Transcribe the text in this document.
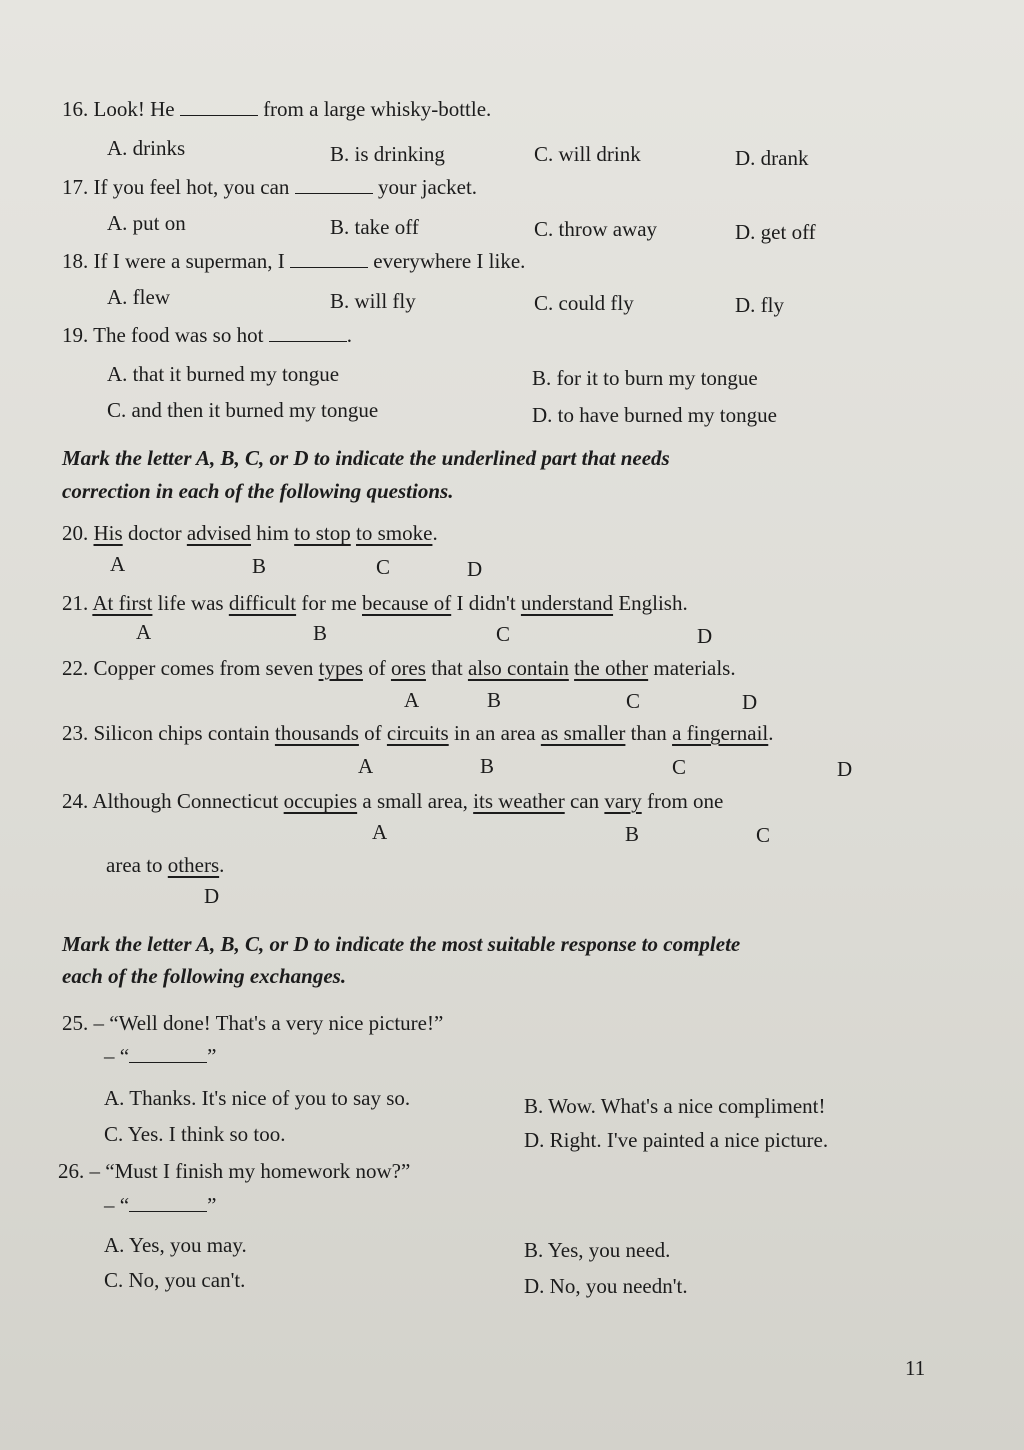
16. Look! He	from a large whisky-bottle.
A. drinks	B. is drinking	C. will drink	D. drank
17. If you feel hot, you can	your jacket.
A. put on	B. take off	C. throw away	D. get off
18. If I were a superman, I	everywhere I like.
A. flew	B. will fly	C. could fly	D. fly
19. The food was so hot	.
A. that it burned my tongue	B. for it to burn my tongue
C. and then it burned my tongue	D. to have burned my tongue
Mark the letter A, B, C, or D to indicate the underlined part that needs
correction in each of the following questions.
20. His doctor advised him to stop to smoke.
A	B	C	D
21. At first life was difficult for me because of I didn't understand English.
A	B	C	D
22. Copper comes from seven types of ores that also contain the other materials.
A	B	C	D
23. Silicon chips contain thousands of circuits in an area as smaller than a fingernail.
A	B	C	D
24. Although Connecticut occupies a small area, its weather can vary from one
A	B	C
area to others.
D
Mark the letter A, B, C, or D to indicate the most suitable response to complete
each of the following exchanges.
25. – “Well done! That's a very nice picture!”
– “	”
A. Thanks. It's nice of you to say so.	B. Wow. What's a nice compliment!
C. Yes. I think so too.	D. Right. I've painted a nice picture.
26. – “Must I finish my homework now?”
– “	”
A. Yes, you may.	B. Yes, you need.
C. No, you can't.	D. No, you needn't.
11
